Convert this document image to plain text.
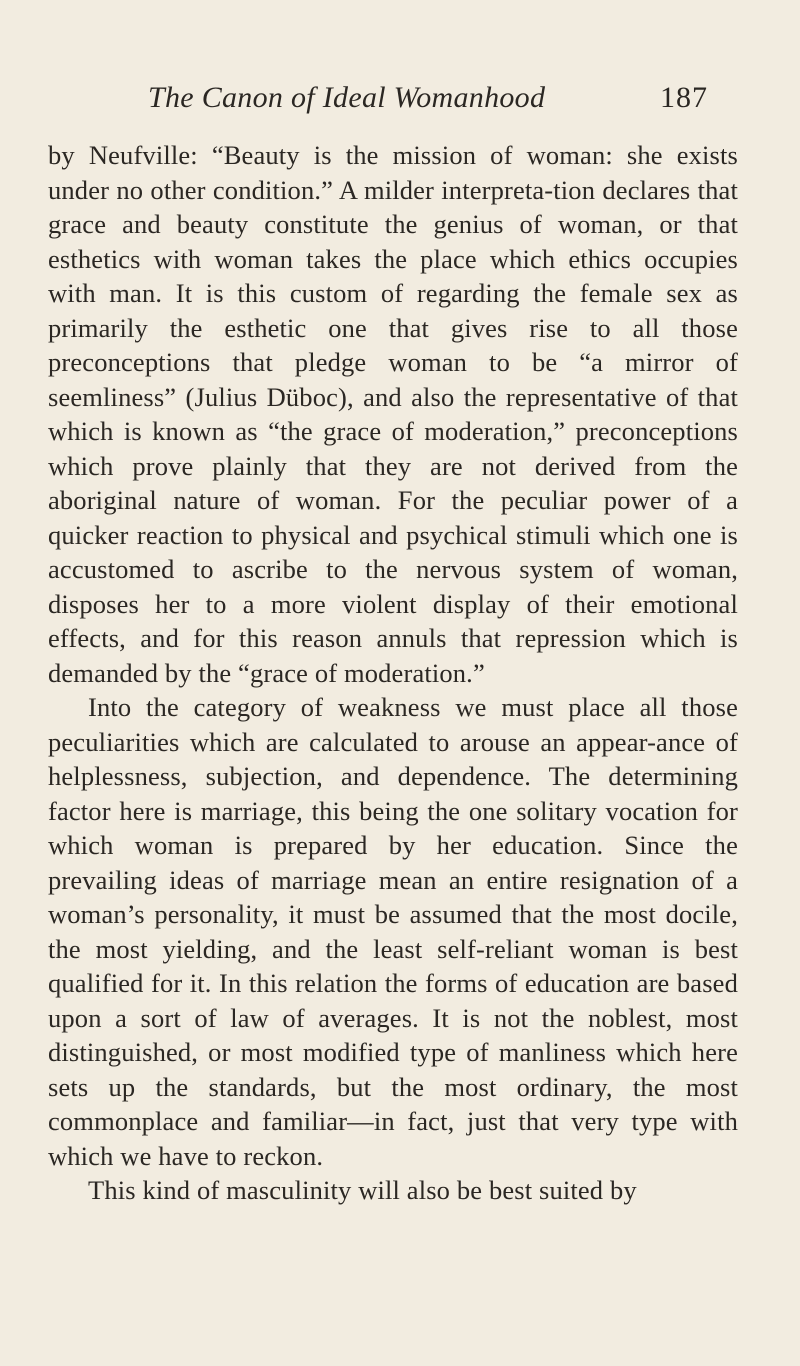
The Canon of Ideal Womanhood	187

by Neufville: “Beauty is the mission of woman: she exists under no other condition.” A milder interpreta-tion declares that grace and beauty constitute the genius of woman, or that esthetics with woman takes the place which ethics occupies with man. It is this custom of regarding the female sex as primarily the esthetic one that gives rise to all those preconceptions that pledge woman to be “a mirror of seemliness” (Julius Düboc), and also the representative of that which is known as “the grace of moderation,” preconceptions which prove plainly that they are not derived from the aboriginal nature of woman. For the peculiar power of a quicker reaction to physical and psychical stimuli which one is accustomed to ascribe to the nervous system of woman, disposes her to a more violent display of their emotional effects, and for this reason annuls that repression which is demanded by the “grace of moderation.”

Into the category of weakness we must place all those peculiarities which are calculated to arouse an appear-ance of helplessness, subjection, and dependence. The determining factor here is marriage, this being the one solitary vocation for which woman is prepared by her education. Since the prevailing ideas of marriage mean an entire resignation of a woman’s personality, it must be assumed that the most docile, the most yielding, and the least self-reliant woman is best qualified for it. In this relation the forms of education are based upon a sort of law of averages. It is not the noblest, most distinguished, or most modified type of manliness which here sets up the standards, but the most ordinary, the most commonplace and familiar—in fact, just that very type with which we have to reckon.

This kind of masculinity will also be best suited by
